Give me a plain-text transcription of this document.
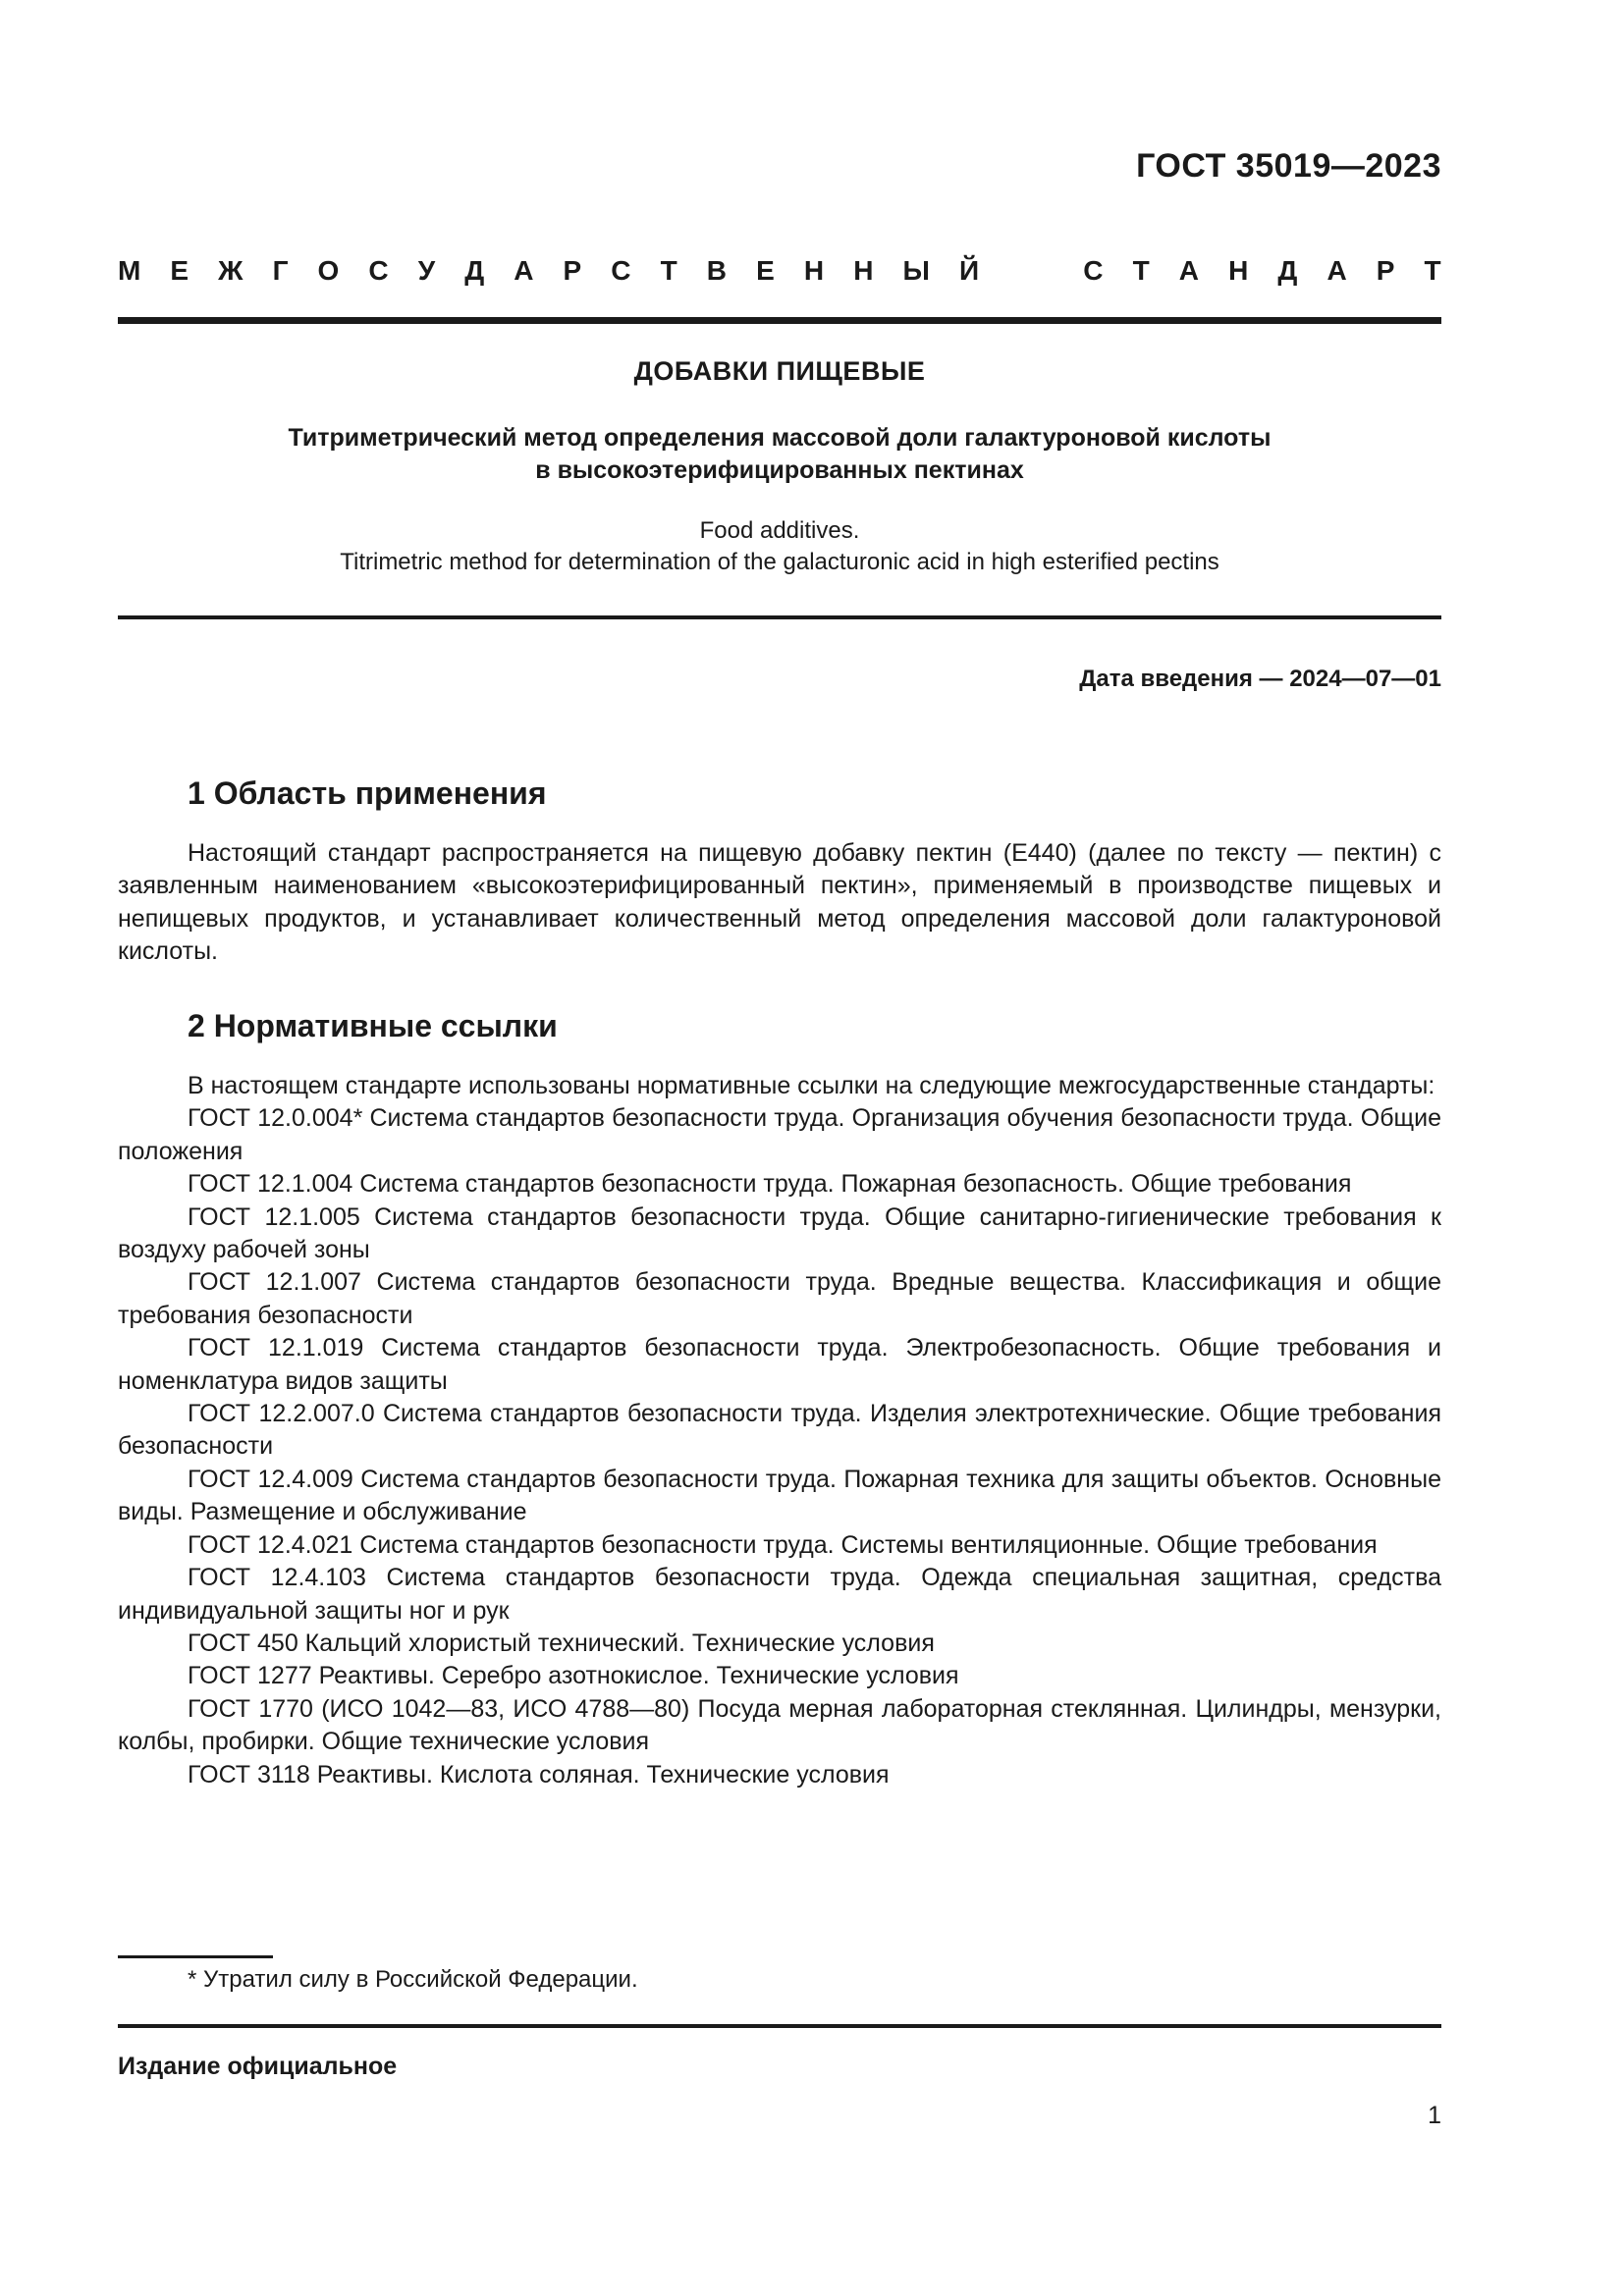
ГОСТ 35019—2023
М Е Ж Г О С У Д А Р С Т В Е Н Н Ы Й	С Т А Н Д А Р Т
ДОБАВКИ ПИЩЕВЫЕ
Титриметрический метод определения массовой доли галактуроновой кислоты
в высокоэтерифицированных пектинах
Food additives.
Titrimetric method for determination of the galacturonic acid in high esterified pectins
Дата введения — 2024—07—01
1 Область применения

Настоящий стандарт распространяется на пищевую добавку пектин (Е440) (далее по тексту — пектин) с заявленным наименованием «высокоэтерифицированный пектин», применяемый в производстве пищевых и непищевых продуктов, и устанавливает количественный метод определения массовой доли галактуроновой кислоты.

2 Нормативные ссылки

В настоящем стандарте использованы нормативные ссылки на следующие межгосударственные стандарты:

ГОСТ 12.0.004* Система стандартов безопасности труда. Организация обучения безопасности труда. Общие положения

ГОСТ 12.1.004 Система стандартов безопасности труда. Пожарная безопасность. Общие требования

ГОСТ 12.1.005 Система стандартов безопасности труда. Общие санитарно-гигиенические требования к воздуху рабочей зоны

ГОСТ 12.1.007 Система стандартов безопасности труда. Вредные вещества. Классификация и общие требования безопасности

ГОСТ 12.1.019 Система стандартов безопасности труда. Электробезопасность. Общие требования и номенклатура видов защиты

ГОСТ 12.2.007.0 Система стандартов безопасности труда. Изделия электротехнические. Общие требования безопасности

ГОСТ 12.4.009 Система стандартов безопасности труда. Пожарная техника для защиты объектов. Основные виды. Размещение и обслуживание

ГОСТ 12.4.021 Система стандартов безопасности труда. Системы вентиляционные. Общие требования

ГОСТ 12.4.103 Система стандартов безопасности труда. Одежда специальная защитная, средства индивидуальной защиты ног и рук

ГОСТ 450 Кальций хлористый технический. Технические условия

ГОСТ 1277 Реактивы. Серебро азотнокислое. Технические условия

ГОСТ 1770 (ИСО 1042—83, ИСО 4788—80) Посуда мерная лабораторная стеклянная. Цилиндры, мензурки, колбы, пробирки. Общие технические условия

ГОСТ 3118 Реактивы. Кислота соляная. Технические условия

* Утратил силу в Российской Федерации.
Издание официальное
1
